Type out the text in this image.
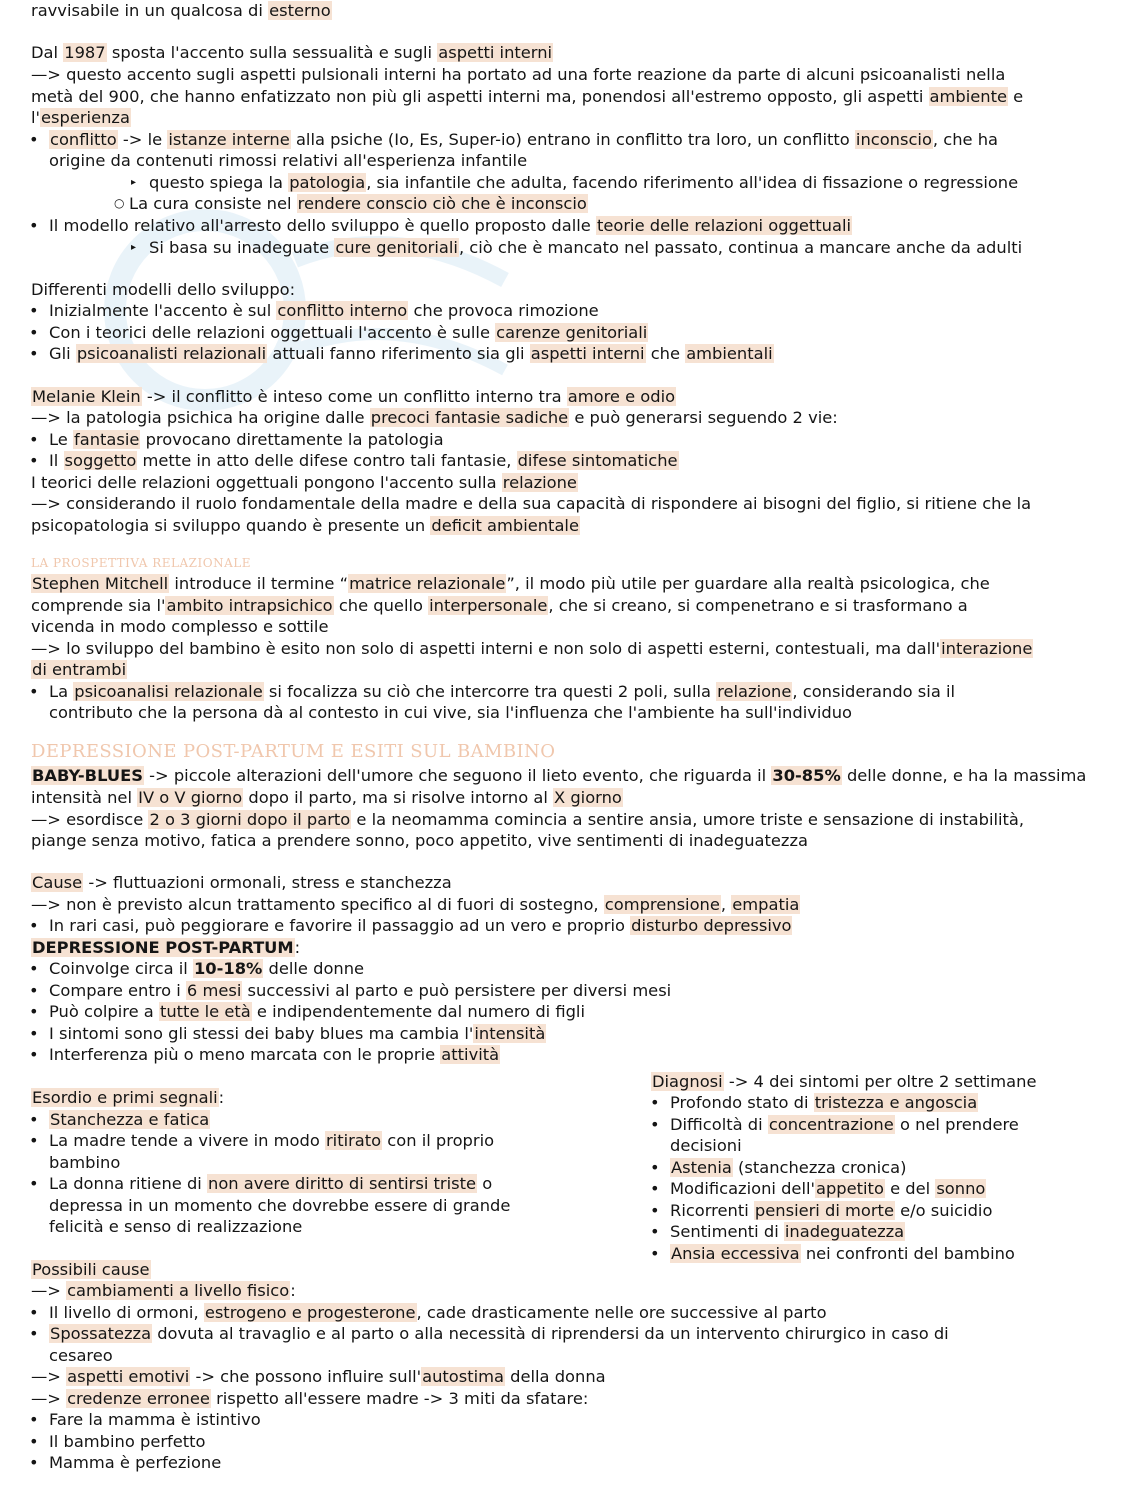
ravvisabile in un qualcosa di esterno
Dal 1987 sposta l'accento sulla sessualità e sugli aspetti interni
—> questo accento sugli aspetti pulsionali interni ha portato ad una forte reazione da parte di alcuni psicoanalisti nella
metà del 900, che hanno enfatizzato non più gli aspetti interni ma, ponendosi all'estremo opposto, gli aspetti ambiente e
l'esperienza
• conflitto -> le istanze interne alla psiche (Io, Es, Super-io) entrano in conflitto tra loro, un conflitto inconscio, che ha
origine da contenuti rimossi relativi all'esperienza infantile
▸ questo spiega la patologia, sia infantile che adulta, facendo riferimento all'idea di fissazione o regressione
○ La cura consiste nel rendere conscio ciò che è inconscio
• Il modello relativo all'arresto dello sviluppo è quello proposto dalle teorie delle relazioni oggettuali
▸ Si basa su inadeguate cure genitoriali, ciò che è mancato nel passato, continua a mancare anche da adulti
Differenti modelli dello sviluppo:
• Inizialmente l'accento è sul conflitto interno che provoca rimozione
• Con i teorici delle relazioni oggettuali l'accento è sulle carenze genitoriali
• Gli psicoanalisti relazionali attuali fanno riferimento sia gli aspetti interni che ambientali
Melanie Klein -> il conflitto è inteso come un conflitto interno tra amore e odio
—> la patologia psichica ha origine dalle precoci fantasie sadiche e può generarsi seguendo 2 vie:
• Le fantasie provocano direttamente la patologia
• Il soggetto mette in atto delle difese contro tali fantasie, difese sintomatiche
I teorici delle relazioni oggettuali pongono l'accento sulla relazione
—> considerando il ruolo fondamentale della madre e della sua capacità di rispondere ai bisogni del figlio, si ritiene che la
psicopatologia si sviluppo quando è presente un deficit ambientale
LA PROSPETTIVA RELAZIONALE
Stephen Mitchell introduce il termine “matrice relazionale”, il modo più utile per guardare alla realtà psicologica, che
comprende sia l'ambito intrapsichico che quello interpersonale, che si creano, si compenetrano e si trasformano a
vicenda in modo complesso e sottile
—> lo sviluppo del bambino è esito non solo di aspetti interni e non solo di aspetti esterni, contestuali, ma dall'interazione
di entrambi
• La psicoanalisi relazionale si focalizza su ciò che intercorre tra questi 2 poli, sulla relazione, considerando sia il
contributo che la persona dà al contesto in cui vive, sia l'influenza che l'ambiente ha sull'individuo
DEPRESSIONE POST-PARTUM E ESITI SUL BAMBINO
BABY-BLUES -> piccole alterazioni dell'umore che seguono il lieto evento, che riguarda il 30-85% delle donne, e ha la massima
intensità nel IV o V giorno dopo il parto, ma si risolve intorno al X giorno
—> esordisce 2 o 3 giorni dopo il parto e la neomamma comincia a sentire ansia, umore triste e sensazione di instabilità,
piange senza motivo, fatica a prendere sonno, poco appetito, vive sentimenti di inadeguatezza
Cause -> fluttuazioni ormonali, stress e stanchezza
—> non è previsto alcun trattamento specifico al di fuori di sostegno, comprensione, empatia
• In rari casi, può peggiorare e favorire il passaggio ad un vero e proprio disturbo depressivo
DEPRESSIONE POST-PARTUM:
• Coinvolge circa il 10-18% delle donne
• Compare entro i 6 mesi successivi al parto e può persistere per diversi mesi
• Può colpire a tutte le età e indipendentemente dal numero di figli
• I sintomi sono gli stessi dei baby blues ma cambia l'intensità
• Interferenza più o meno marcata con le proprie attività
Esordio e primi segnali:
• Stanchezza e fatica
• La madre tende a vivere in modo ritirato con il proprio
bambino
• La donna ritiene di non avere diritto di sentirsi triste o
depressa in un momento che dovrebbe essere di grande
felicità e senso di realizzazione
Diagnosi -> 4 dei sintomi per oltre 2 settimane
• Profondo stato di tristezza e angoscia
• Difficoltà di concentrazione o nel prendere
decisioni
• Astenia (stanchezza cronica)
• Modificazioni dell'appetito e del sonno
• Ricorrenti pensieri di morte e/o suicidio
• Sentimenti di inadeguatezza
• Ansia eccessiva nei confronti del bambino
Possibili cause
—> cambiamenti a livello fisico:
• Il livello di ormoni, estrogeno e progesterone, cade drasticamente nelle ore successive al parto
• Spossatezza dovuta al travaglio e al parto o alla necessità di riprendersi da un intervento chirurgico in caso di
cesareo
—> aspetti emotivi -> che possono influire sull'autostima della donna
—> credenze erronee rispetto all'essere madre -> 3 miti da sfatare:
• Fare la mamma è istintivo
• Il bambino perfetto
• Mamma è perfezione
